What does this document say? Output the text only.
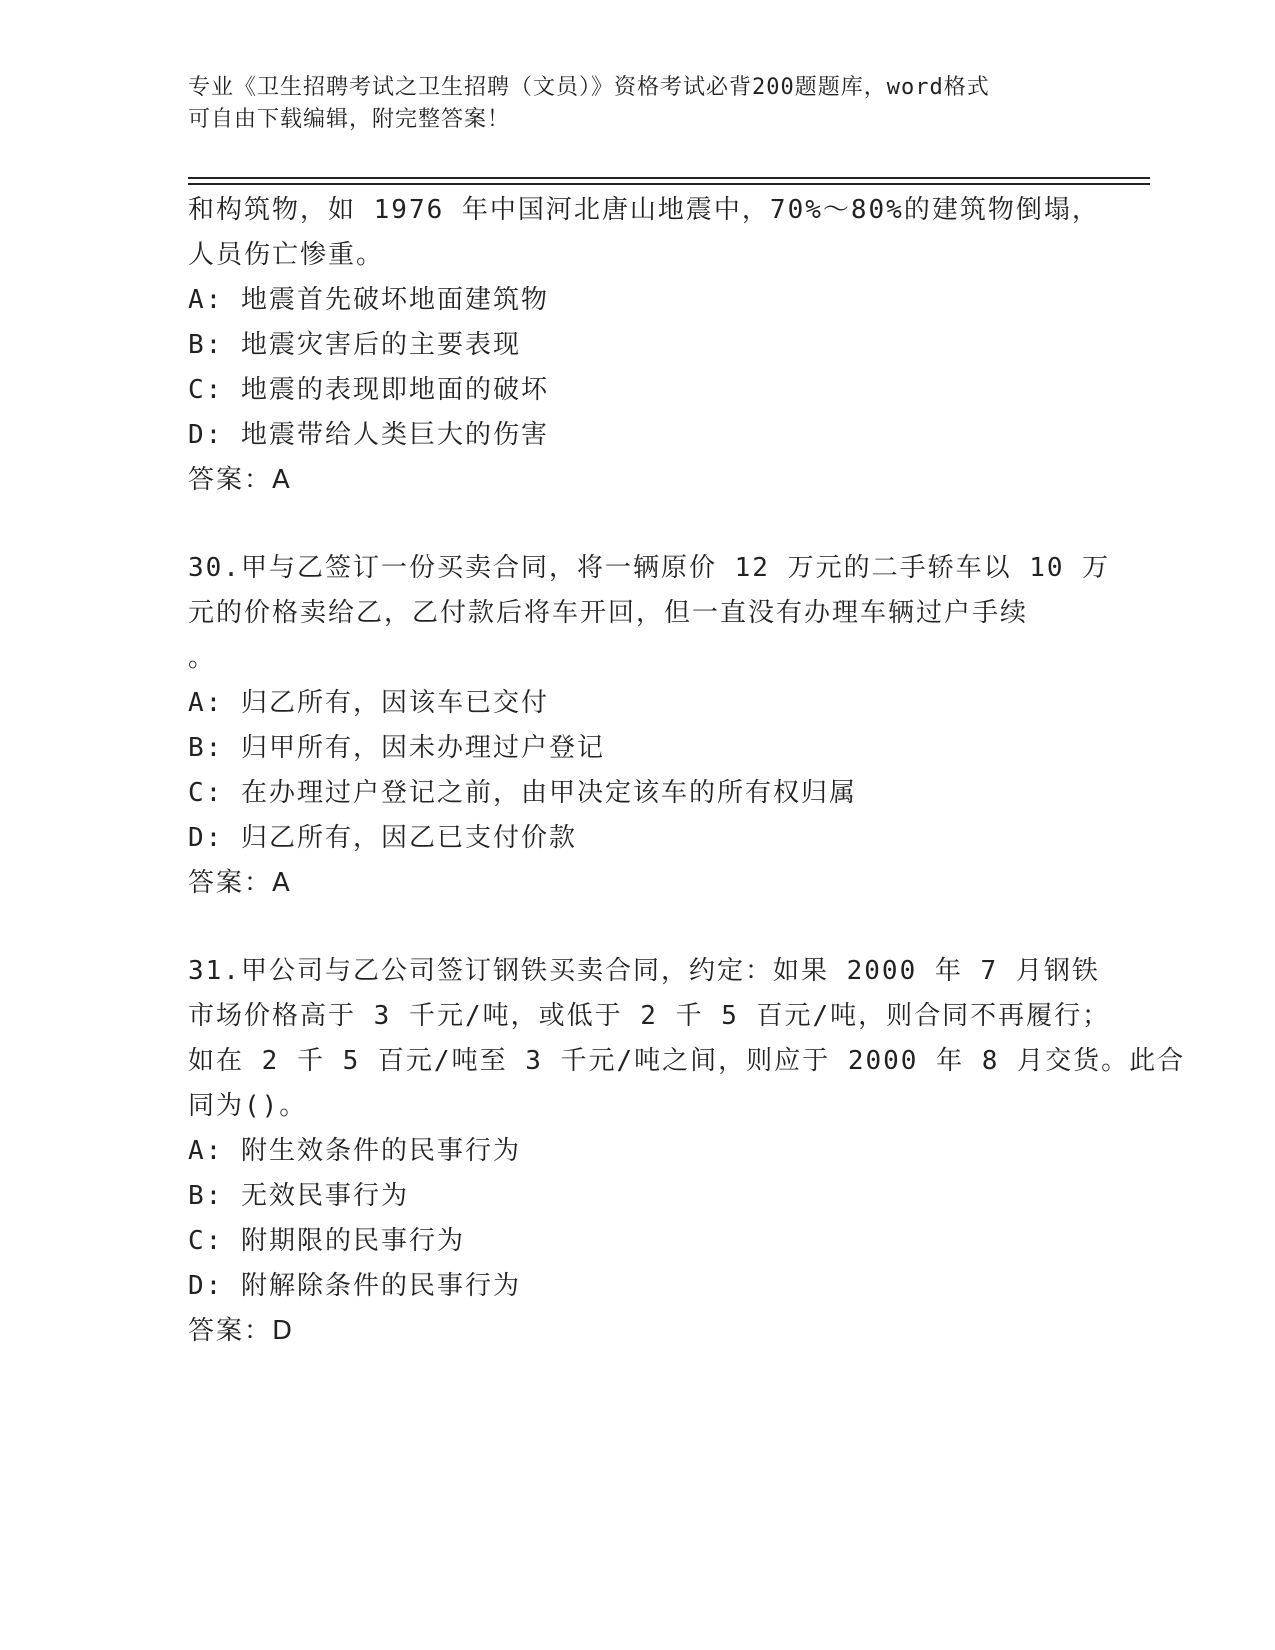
专业《卫生招聘考试之卫生招聘（文员）》资格考试必背200题题库，word格式
可自由下载编辑，附完整答案！
和构筑物，如 1976 年中国河北唐山地震中，70%～80%的建筑物倒塌，
人员伤亡惨重。
A: 地震首先破坏地面建筑物
B: 地震灾害后的主要表现
C: 地震的表现即地面的破坏
D: 地震带给人类巨大的伤害
答案：A
30.甲与乙签订一份买卖合同，将一辆原价 12 万元的二手轿车以 10 万
元的价格卖给乙，乙付款后将车开回，但一直没有办理车辆过户手续
。
A: 归乙所有，因该车已交付
B: 归甲所有，因未办理过户登记
C: 在办理过户登记之前，由甲决定该车的所有权归属
D: 归乙所有，因乙已支付价款
答案：A
31.甲公司与乙公司签订钢铁买卖合同，约定：如果 2000 年 7 月钢铁
市场价格高于 3 千元/吨，或低于 2 千 5 百元/吨，则合同不再履行；
如在 2 千 5 百元/吨至 3 千元/吨之间，则应于 2000 年 8 月交货。此合
同为()。
A: 附生效条件的民事行为
B: 无效民事行为
C: 附期限的民事行为
D: 附解除条件的民事行为
答案：D
